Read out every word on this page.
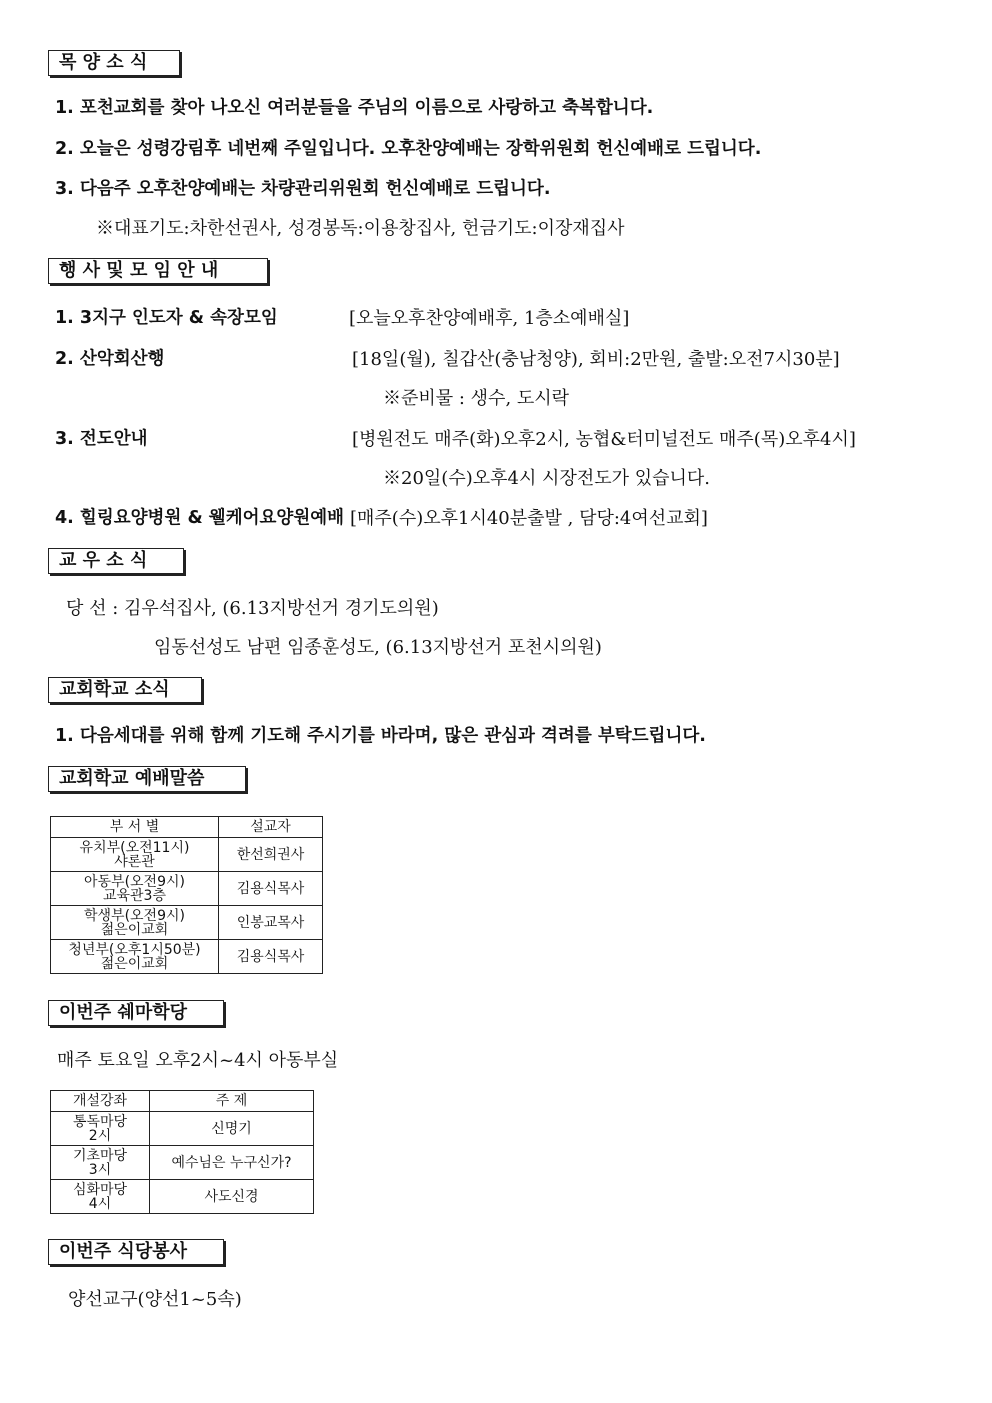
목 양 소 식
1. 포천교회를 찾아 나오신 여러분들을 주님의 이름으로 사랑하고 축복합니다.
2. 오늘은 성령강림후 네번째 주일입니다. 오후찬양예배는 장학위원회 헌신예배로 드립니다.
3. 다음주 오후찬양예배는 차량관리위원회 헌신예배로 드립니다.
※대표기도:차한선권사, 성경봉독:이용창집사, 헌금기도:이장재집사
행 사 및 모 임 안 내
1. 3지구 인도자 & 속장모임	[오늘오후찬양예배후, 1층소예배실]
2. 산악회산행	[18일(월), 칠갑산(충남청양), 회비:2만원, 출발:오전7시30분]
※준비물 : 생수, 도시락
3. 전도안내	[병원전도 매주(화)오후2시, 농협&터미널전도 매주(목)오후4시]
※20일(수)오후4시 시장전도가 있습니다.
4. 힐링요양병원 & 웰케어요양원예배 [매주(수)오후1시40분출발 , 담당:4여선교회]
교 우 소 식
당 선 : 김우석집사, (6.13지방선거 경기도의원)
임동선성도 남편 임종훈성도, (6.13지방선거 포천시의원)
교회학교 소식
1. 다음세대를 위해 함께 기도해 주시기를 바라며, 많은 관심과 격려를 부탁드립니다.
교회학교 예배말씀
부 서 별	설교자

유치부(오전11시)
샤론관	한선희권사

아동부(오전9시)
교육관3층	김용식목사

학생부(오전9시)
젊은이교회	인봉교목사

청년부(오후1시50분)
젊은이교회	김용식목사
이번주 쉐마학당
매주 토요일 오후2시~4시 아동부실
개설강좌	주 제

통독마당
2시	신명기

기초마당
3시	예수님은 누구신가?

심화마당
4시	사도신경
이번주 식당봉사
양선교구(양선1~5속)
